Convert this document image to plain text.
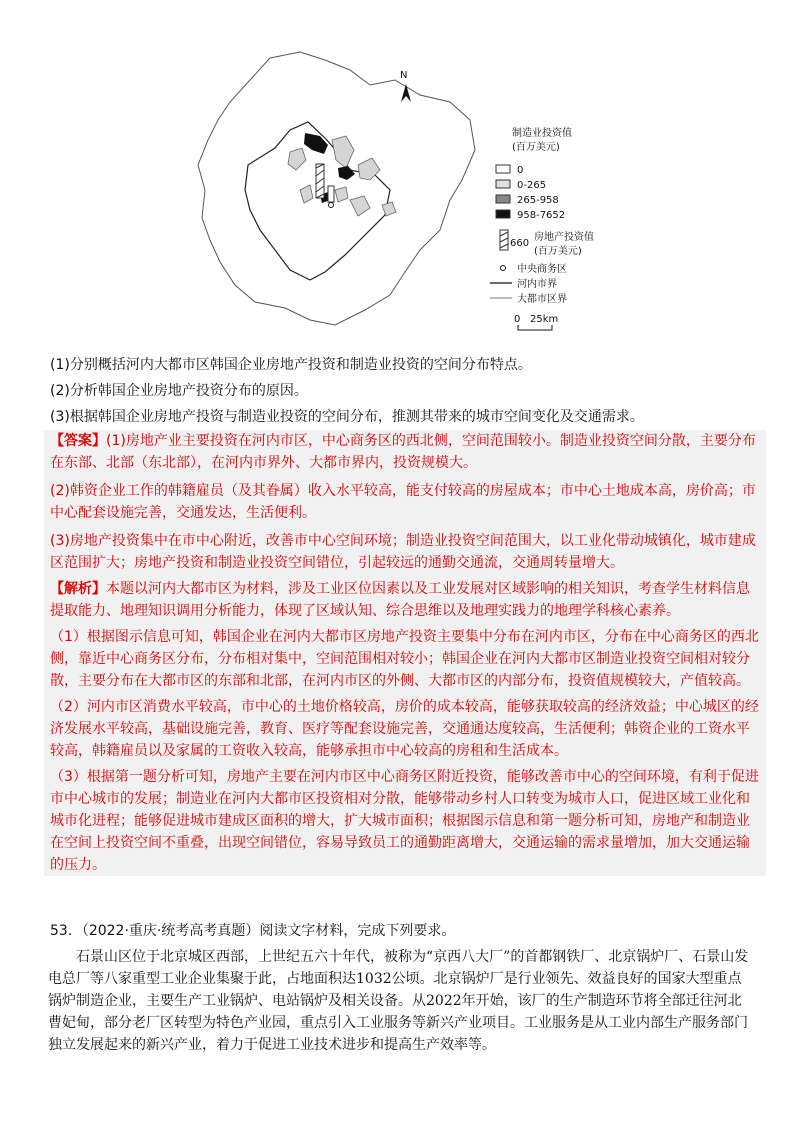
N
制造业投资值
(百万美元)
0
0-265
265-958
958-7652
660
房地产投资值
(百万美元)
中央商务区
河内市界
大都市区界
0 25km
(1)分别概括河内大都市区韩国企业房地产投资和制造业投资的空间分布特点。
(2)分析韩国企业房地产投资分布的原因。
(3)根据韩国企业房地产投资与制造业投资的空间分布，推测其带来的城市空间变化及交通需求。

【答案】(1)房地产业主要投资在河内市区，中心商务区的西北侧，空间范围较小。制造业投资空间分散，主要分布在东部、北部（东北部），在河内市界外、大都市界内，投资规模大。

(2)韩资企业工作的韩籍雇员（及其眷属）收入水平较高，能支付较高的房屋成本；市中心土地成本高，房价高；市中心配套设施完善，交通发达，生活便利。

(3)房地产投资集中在市中心附近，改善市中心空间环境；制造业投资空间范围大，以工业化带动城镇化，城市建成区范围扩大；房地产投资和制造业投资空间错位，引起较远的通勤交通流，交通周转量增大。

【解析】本题以河内大都市区为材料，涉及工业区位因素以及工业发展对区域影响的相关知识，考查学生材料信息提取能力、地理知识调用分析能力，体现了区域认知、综合思维以及地理实践力的地理学科核心素养。

（1）根据图示信息可知，韩国企业在河内大都市区房地产投资主要集中分布在河内市区，分布在中心商务区的西北侧，靠近中心商务区分布，分布相对集中，空间范围相对较小；韩国企业在河内大都市区制造业投资空间相对较分散，主要分布在大都市区的东部和北部，在河内市区的外侧、大都市区的内部分布，投资值规模较大，产值较高。

（2）河内市区消费水平较高，市中心的土地价格较高，房价的成本较高，能够获取较高的经济效益；中心城区的经济发展水平较高，基础设施完善，教育、医疗等配套设施完善，交通通达度较高，生活便利；韩资企业的工资水平较高，韩籍雇员以及家属的工资收入较高，能够承担市中心较高的房租和生活成本。

（3）根据第一题分析可知，房地产主要在河内市区中心商务区附近投资，能够改善市中心的空间环境，有利于促进市中心城市的发展；制造业在河内大都市区投资相对分散，能够带动乡村人口转变为城市人口，促进区域工业化和城市化进程；能够促进城市建成区面积的增大，扩大城市面积；根据图示信息和第一题分析可知，房地产和制造业在空间上投资空间不重叠，出现空间错位，容易导致员工的通勤距离增大，交通运输的需求量增加，加大交通运输的压力。

53．（2022·重庆·统考高考真题）阅读文字材料，完成下列要求。
石景山区位于北京城区西部，上世纪五六十年代，被称为“京西八大厂”的首都钢铁厂、北京锅炉厂、石景山发电总厂等八家重型工业企业集聚于此，占地面积达1032公顷。北京锅炉厂是行业领先、效益良好的国家大型重点锅炉制造企业，主要生产工业锅炉、电站锅炉及相关设备。从2022年开始，该厂的生产制造环节将全部迁往河北曹妃甸，部分老厂区转型为特色产业园，重点引入工业服务等新兴产业项目。工业服务是从工业内部生产服务部门独立发展起来的新兴产业，着力于促进工业技术进步和提高生产效率等。
